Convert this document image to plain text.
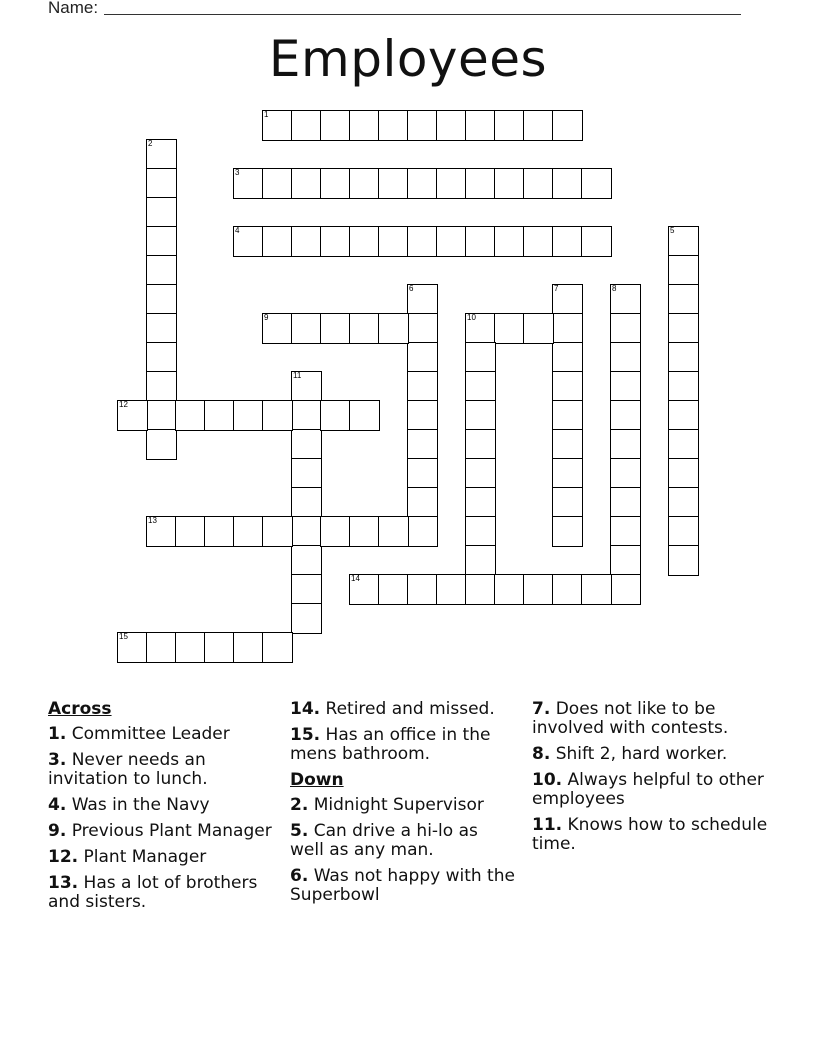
Name:
Employees
1
2
3
4	5
6	7	8
9	10
11
12
13
14
15
Across
1. Committee Leader
3. Never needs an invitation to lunch.
4. Was in the Navy
9. Previous Plant Manager
12. Plant Manager
13. Has a lot of brothers and sisters.
14. Retired and missed.
15. Has an office in the mens bathroom.
Down
2. Midnight Supervisor
5. Can drive a hi-lo as well as any man.
6. Was not happy with the Superbowl
7. Does not like to be involved with contests.
8. Shift 2, hard worker.
10. Always helpful to other employees
11. Knows how to schedule time.
